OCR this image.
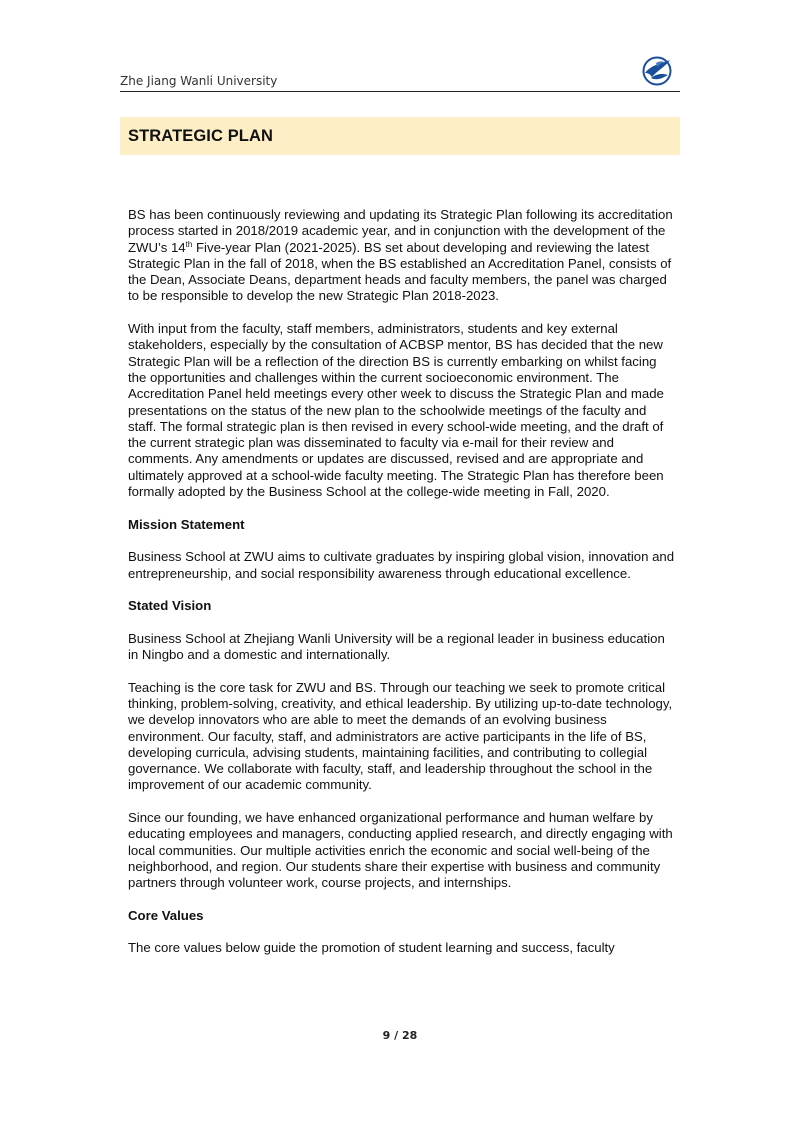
Zhe Jiang Wanli University
STRATEGIC PLAN

BS has been continuously reviewing and updating its Strategic Plan following its accreditation process started in 2018/2019 academic year, and in conjunction with the development of the ZWU’s 14th Five-year Plan (2021-2025). BS set about developing and reviewing the latest Strategic Plan in the fall of 2018, when the BS established an Accreditation Panel, consists of the Dean, Associate Deans, department heads and faculty members, the panel was charged to be responsible to develop the new Strategic Plan 2018-2023.

With input from the faculty, staff members, administrators, students and key external stakeholders, especially by the consultation of ACBSP mentor, BS has decided that the new Strategic Plan will be a reflection of the direction BS is currently embarking on whilst facing the opportunities and challenges within the current socioeconomic environment. The Accreditation Panel held meetings every other week to discuss the Strategic Plan and made presentations on the status of the new plan to the schoolwide meetings of the faculty and staff. The formal strategic plan is then revised in every school-wide meeting, and the draft of the current strategic plan was disseminated to faculty via e-mail for their review and comments. Any amendments or updates are discussed, revised and are appropriate and ultimately approved at a school-wide faculty meeting. The Strategic Plan has therefore been formally adopted by the Business School at the college-wide meeting in Fall, 2020.

Mission Statement

Business School at ZWU aims to cultivate graduates by inspiring global vision, innovation and entrepreneurship, and social responsibility awareness through educational excellence.

Stated Vision

Business School at Zhejiang Wanli University will be a regional leader in business education in Ningbo and a domestic and internationally.

Teaching is the core task for ZWU and BS. Through our teaching we seek to promote critical thinking, problem-solving, creativity, and ethical leadership. By utilizing up-to-date technology, we develop innovators who are able to meet the demands of an evolving business environment. Our faculty, staff, and administrators are active participants in the life of BS, developing curricula, advising students, maintaining facilities, and contributing to collegial governance. We collaborate with faculty, staff, and leadership throughout the school in the improvement of our academic community.

Since our founding, we have enhanced organizational performance and human welfare by educating employees and managers, conducting applied research, and directly engaging with local communities. Our multiple activities enrich the economic and social well-being of the neighborhood, and region. Our students share their expertise with business and community partners through volunteer work, course projects, and internships.

Core Values

The core values below guide the promotion of student learning and success, faculty

9 / 28
